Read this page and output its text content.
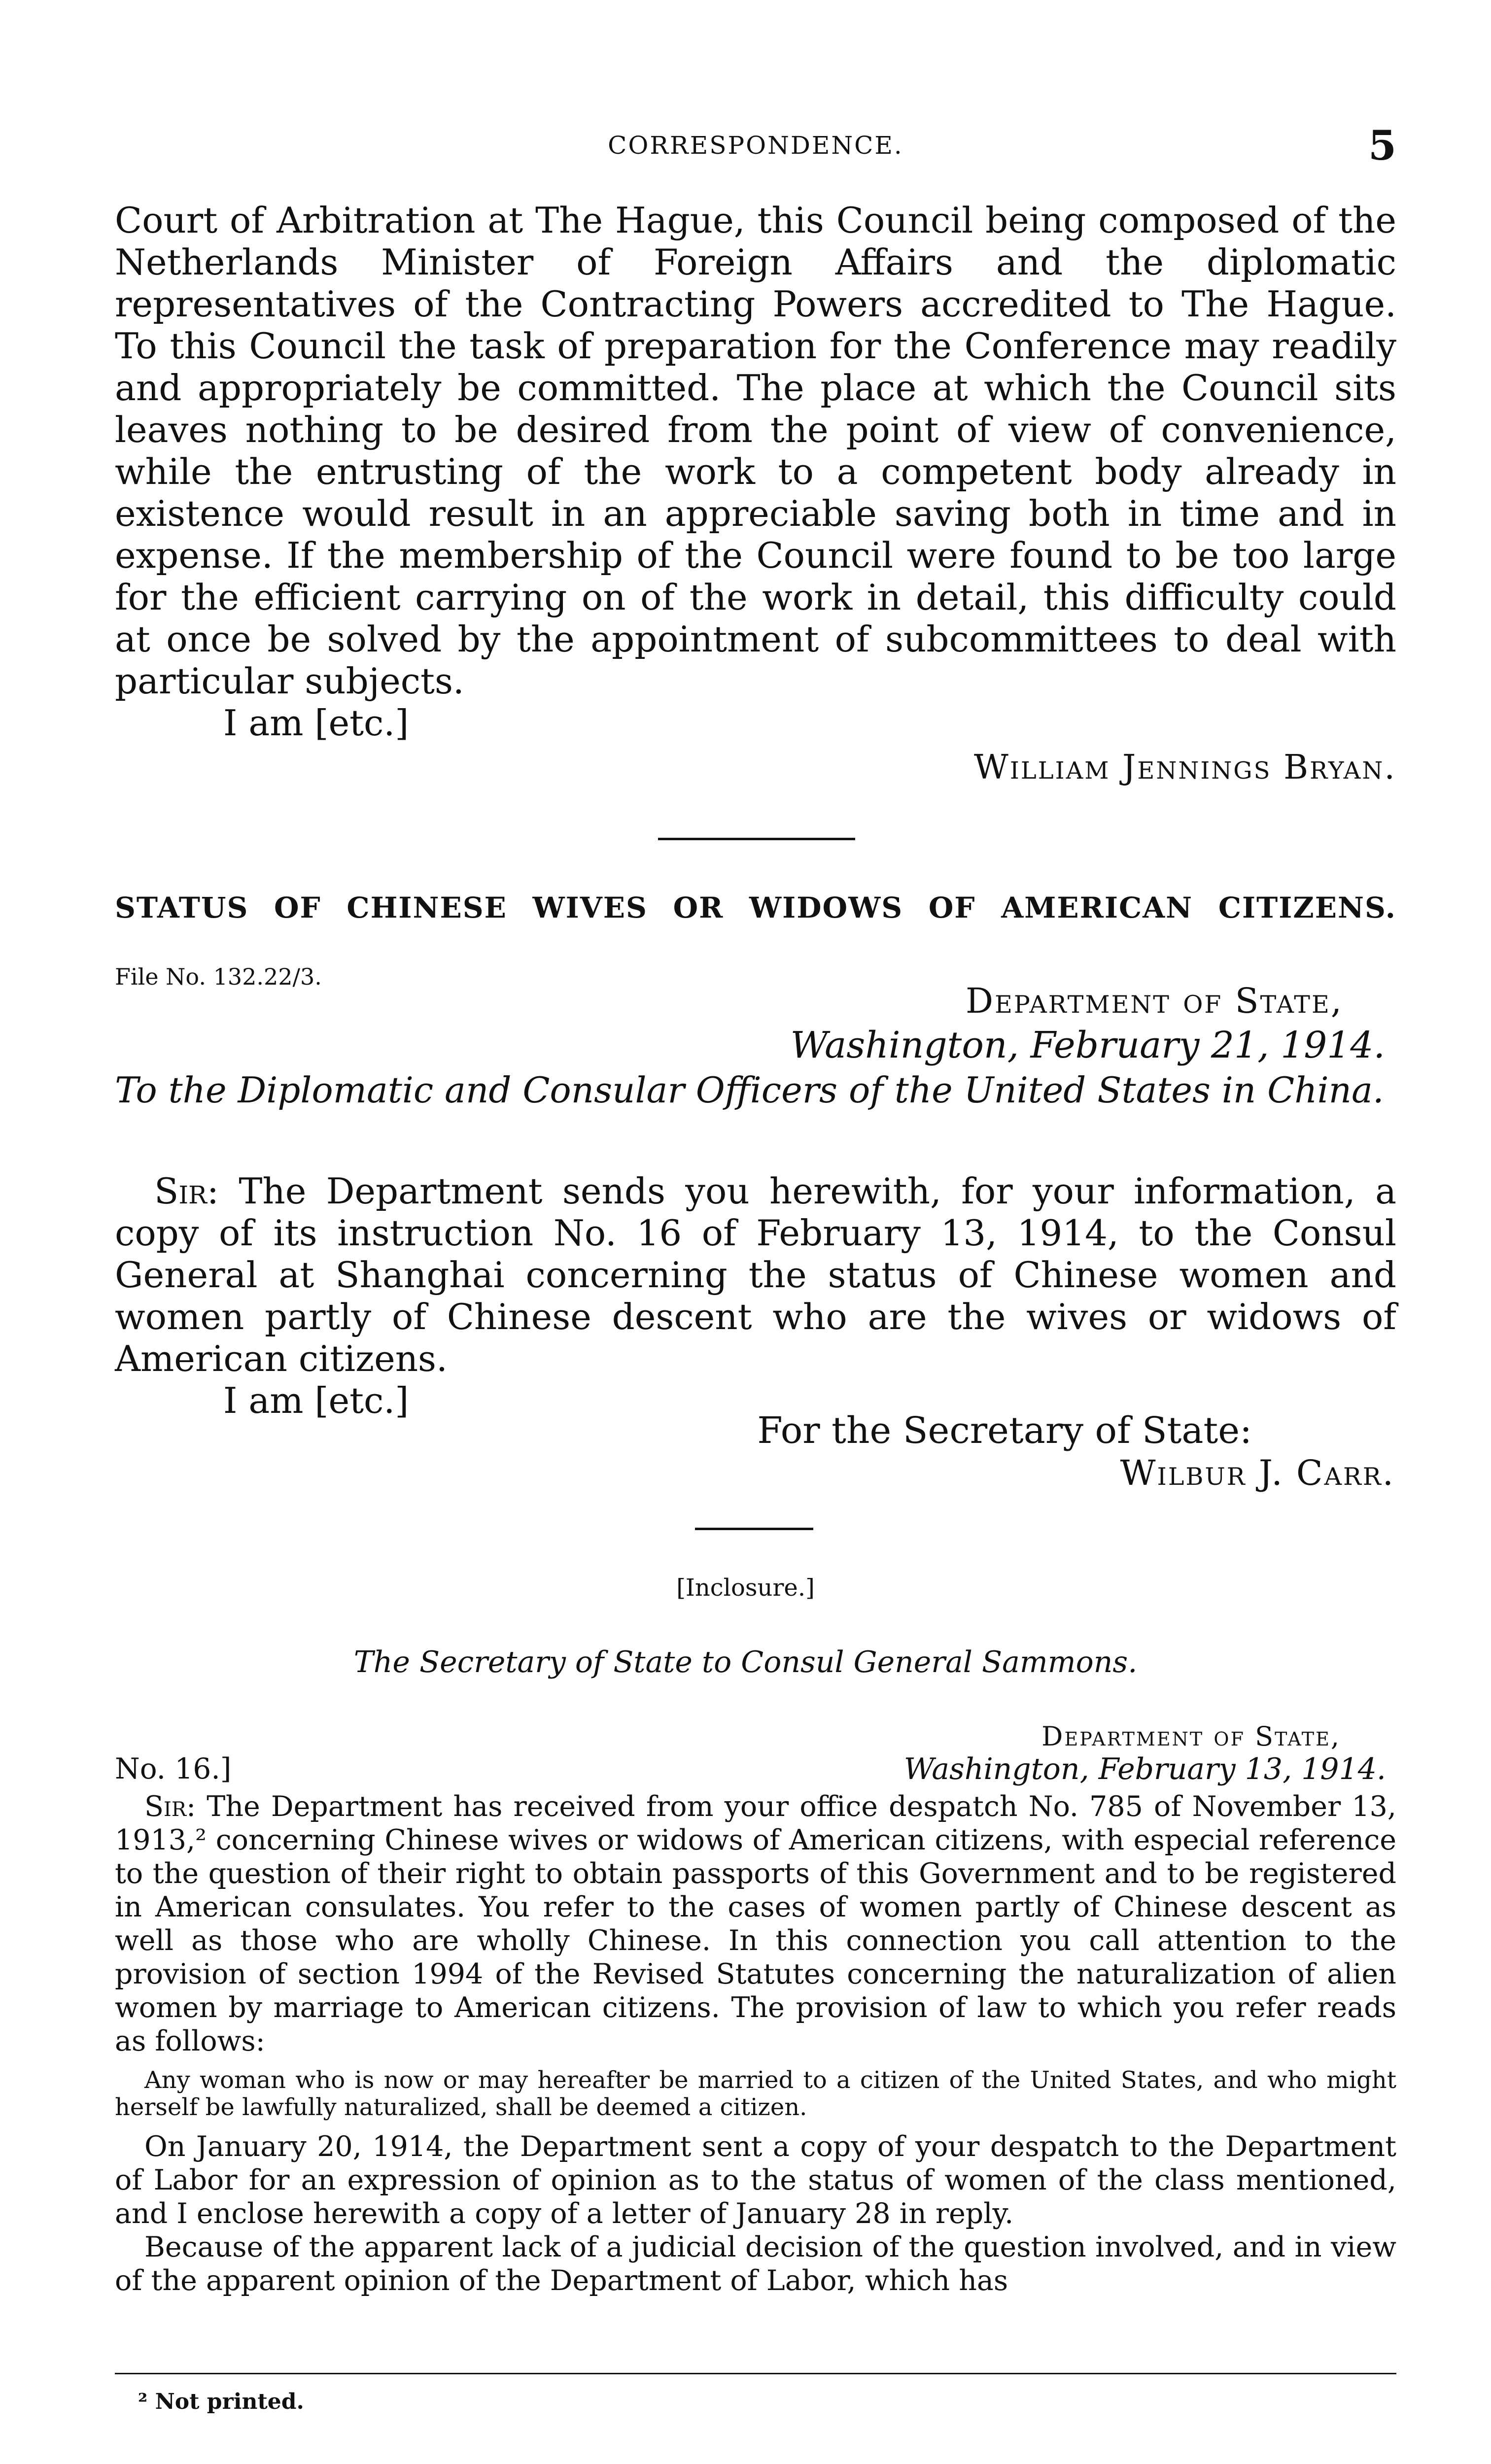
CORRESPONDENCE.	5

Court of Arbitration at The Hague, this Council being composed of the Netherlands Minister of Foreign Affairs and the diplomatic representatives of the Contracting Powers accredited to The Hague. To this Council the task of preparation for the Conference may readily and appropriately be committed. The place at which the Council sits leaves nothing to be desired from the point of view of convenience, while the entrusting of the work to a competent body already in existence would result in an appreciable saving both in time and in expense. If the membership of the Council were found to be too large for the efficient carrying on of the work in detail, this difficulty could at once be solved by the appointment of subcommittees to deal with particular subjects.

I am [etc.]

William Jennings Bryan.
STATUS OF CHINESE WIVES OR WIDOWS OF AMERICAN CITIZENS.
File No. 132.22/3.
Department of State,
Washington, February 21, 1914.

To the Diplomatic and Consular Officers of the United States in China.

Sir: The Department sends you herewith, for your information, a copy of its instruction No. 16 of February 13, 1914, to the Consul General at Shanghai concerning the status of Chinese women and women partly of Chinese descent who are the wives or widows of American citizens.

I am [etc.]

For the Secretary of State:
Wilbur J. Carr.
[Inclosure.]
The Secretary of State to Consul General Sammons.
Department of State,
No. 16.]	Washington, February 13, 1914.

Sir: The Department has received from your office despatch No. 785 of November 13, 1913,² concerning Chinese wives or widows of American citizens, with especial reference to the question of their right to obtain passports of this Government and to be registered in American consulates. You refer to the cases of women partly of Chinese descent as well as those who are wholly Chinese. In this connection you call attention to the provision of section 1994 of the Revised Statutes concerning the naturalization of alien women by marriage to American citizens. The provision of law to which you refer reads as follows:

Any woman who is now or may hereafter be married to a citizen of the United States, and who might herself be lawfully naturalized, shall be deemed a citizen.

On January 20, 1914, the Department sent a copy of your despatch to the Department of Labor for an expression of opinion as to the status of women of the class mentioned, and I enclose herewith a copy of a letter of January 28 in reply.

Because of the apparent lack of a judicial decision of the question involved, and in view of the apparent opinion of the Department of Labor, which has

² Not printed.
